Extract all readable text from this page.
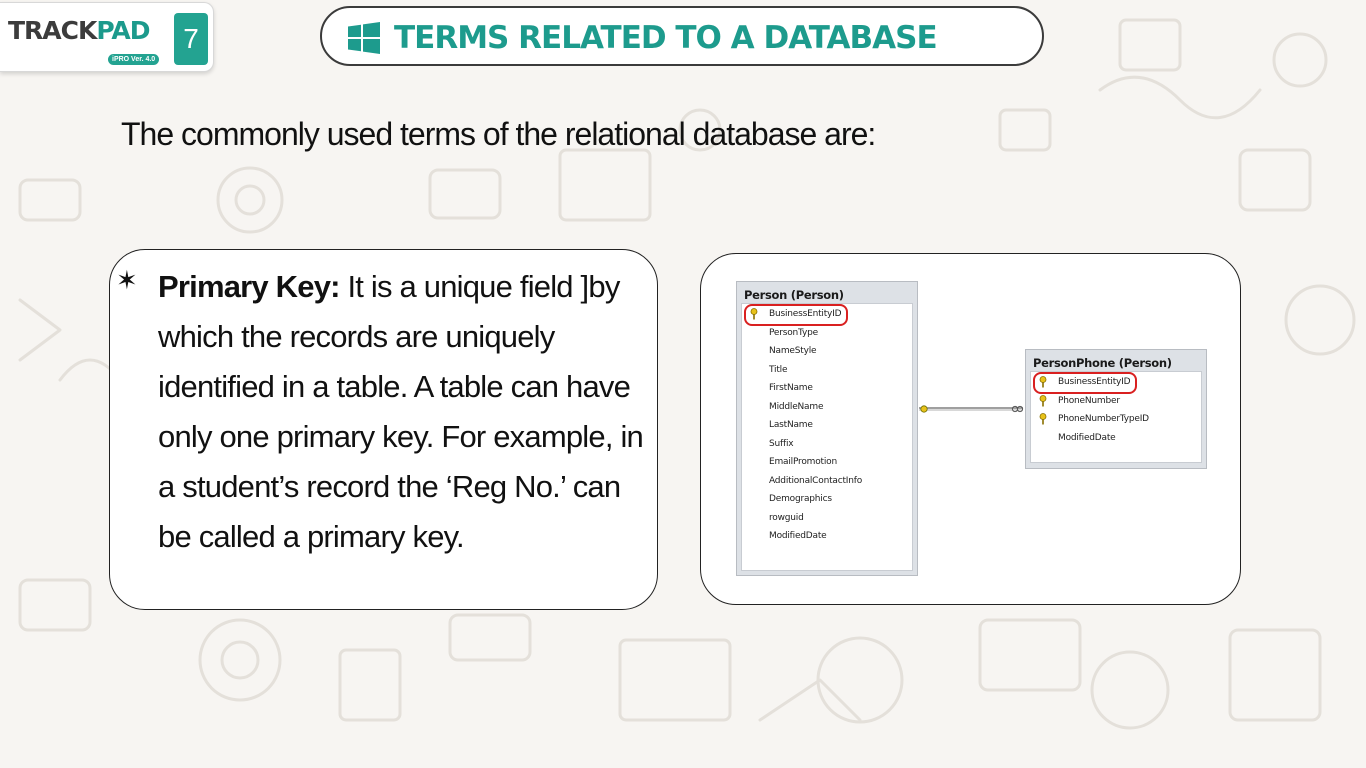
TRACKPAD
iPRO Ver. 4.0
7	TERMS RELATED TO A DATABASE
The commonly used terms of the relational database are:
✶ Primary Key: It is a unique field ]by which the records are uniquely identified in a table. A table can have only one primary key. For example, in a student’s record the ‘Reg No.’ can be called a primary key.
Person (Person)
BusinessEntityID
PersonType
NameStyle
Title
FirstName
MiddleName
LastName
Suffix
EmailPromotion
AdditionalContactInfo
Demographics
rowguid
ModifiedDate
PersonPhone (Person)
BusinessEntityID
PhoneNumber
PhoneNumberTypeID
ModifiedDate
